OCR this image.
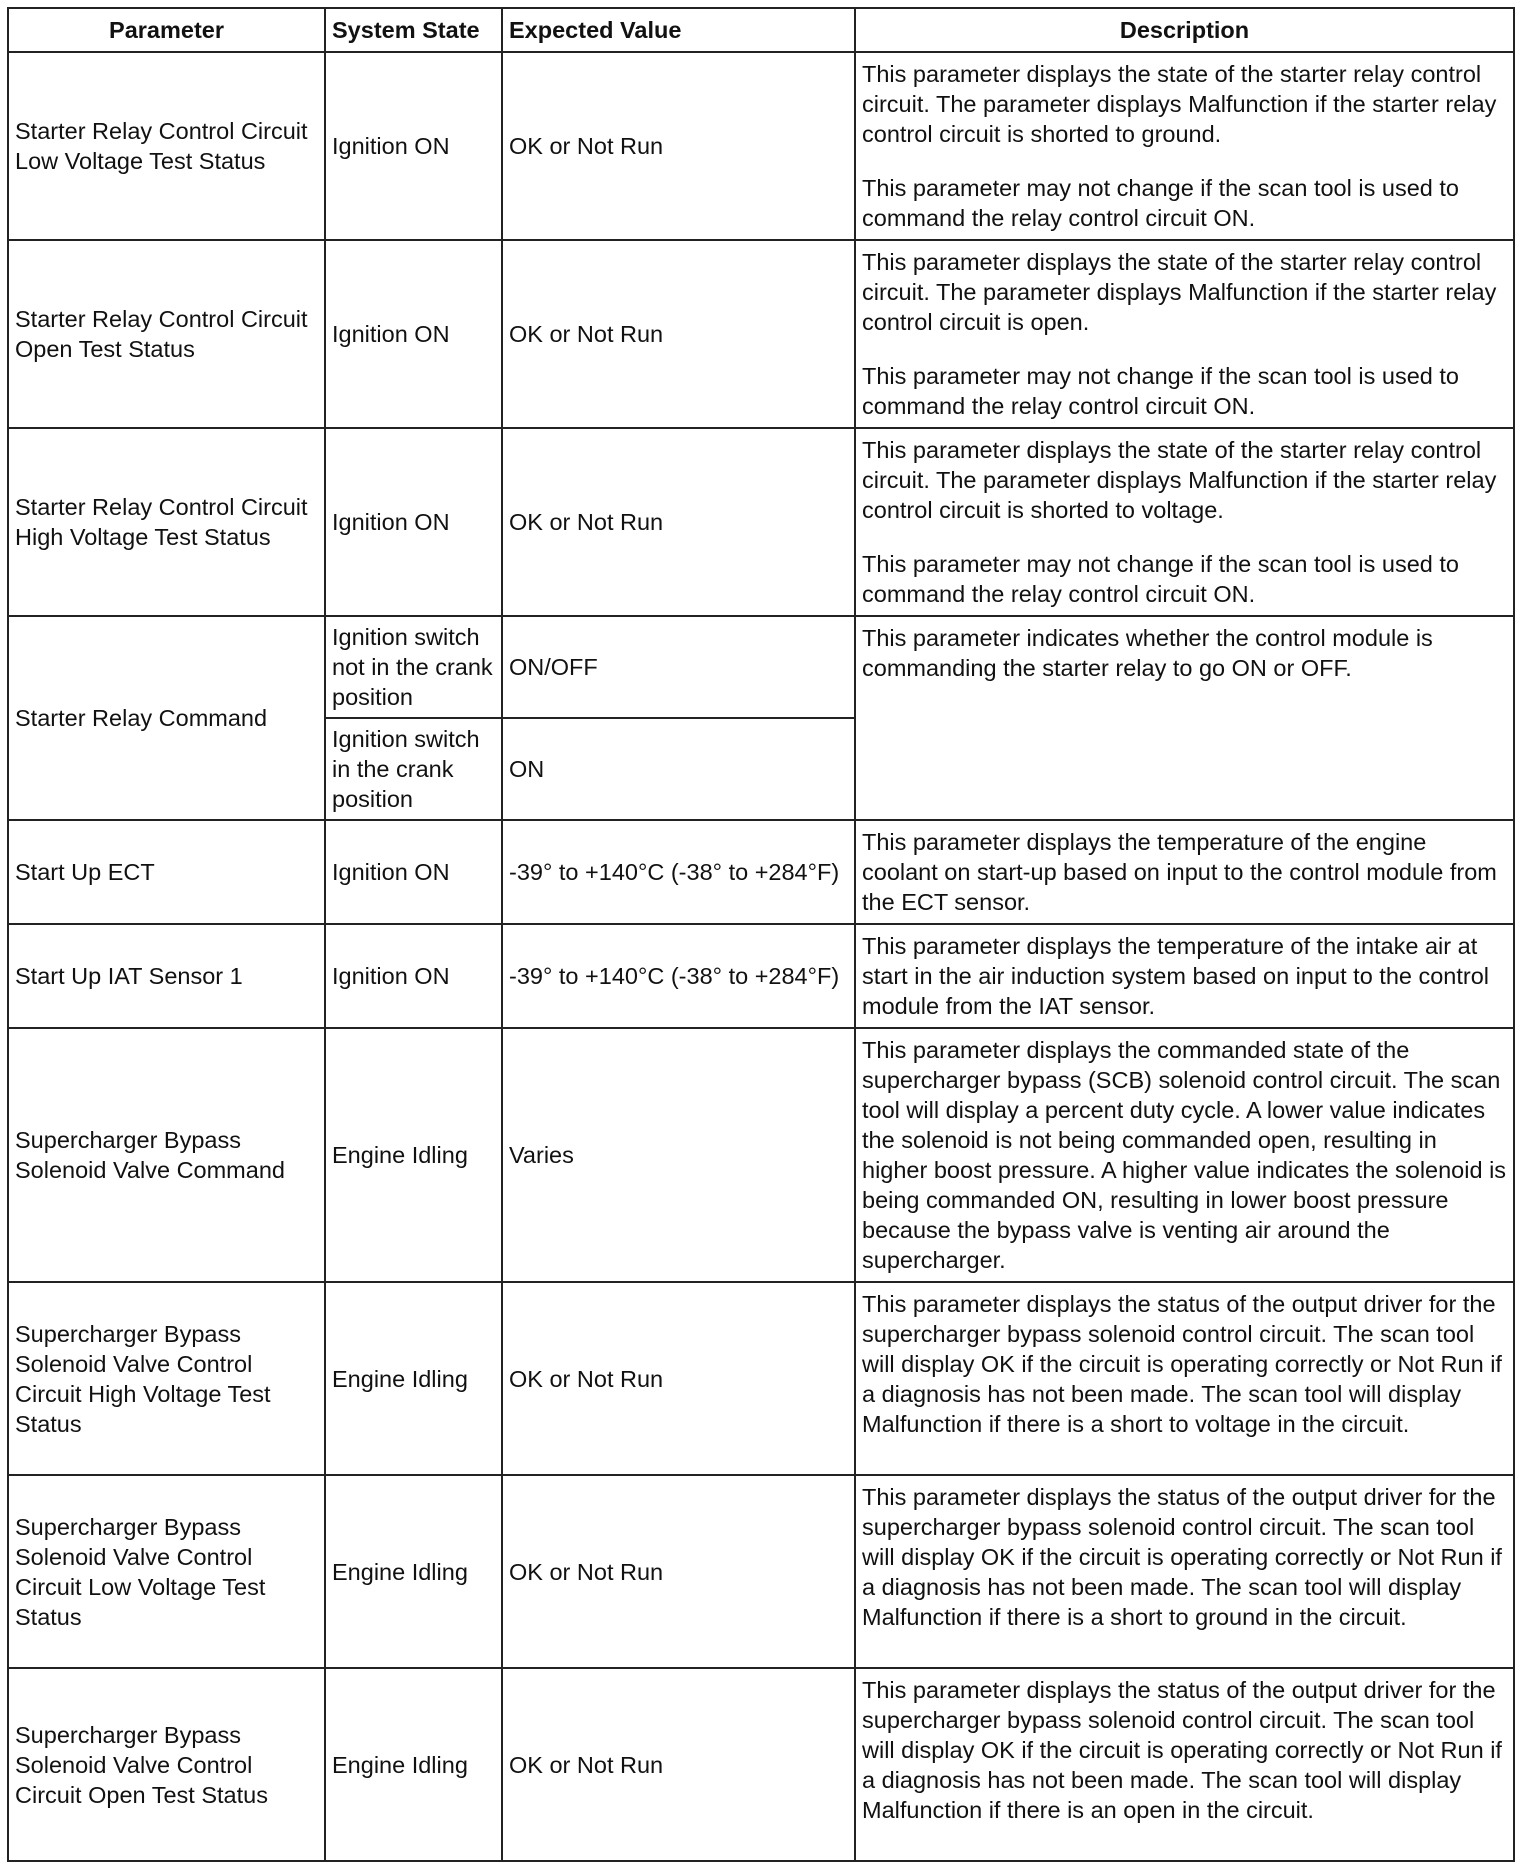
Parameter	System State	Expected Value	Description
Starter Relay Control Circuit Low Voltage Test Status	Ignition ON	OK or Not Run	This parameter displays the state of the starter relay control circuit. The parameter displays Malfunction if the starter relay control circuit is shorted to ground.

This parameter may not change if the scan tool is used to command the relay control circuit ON.

Starter Relay Control Circuit Open Test Status	Ignition ON	OK or Not Run	This parameter displays the state of the starter relay control circuit. The parameter displays Malfunction if the starter relay control circuit is open.

This parameter may not change if the scan tool is used to command the relay control circuit ON.

Starter Relay Control Circuit High Voltage Test Status	Ignition ON	OK or Not Run	This parameter displays the state of the starter relay control circuit. The parameter displays Malfunction if the starter relay control circuit is shorted to voltage.

This parameter may not change if the scan tool is used to command the relay control circuit ON.

Starter Relay Command	Ignition switch not in the crank position	ON/OFF	This parameter indicates whether the control module is commanding the starter relay to go ON or OFF.

	Ignition switch in the crank position	ON	
Start Up ECT	Ignition ON	-39° to +140°C (-38° to +284°F)	This parameter displays the temperature of the engine coolant on start-up based on input to the control module from the ECT sensor.

Start Up IAT Sensor 1	Ignition ON	-39° to +140°C (-38° to +284°F)	This parameter displays the temperature of the intake air at start in the air induction system based on input to the control module from the IAT sensor.

Supercharger Bypass Solenoid Valve Command	Engine Idling	Varies	This parameter displays the commanded state of the supercharger bypass (SCB) solenoid control circuit. The scan tool will display a percent duty cycle. A lower value indicates the solenoid is not being commanded open, resulting in higher boost pressure. A higher value indicates the solenoid is being commanded ON, resulting in lower boost pressure because the bypass valve is venting air around the supercharger.

Supercharger Bypass Solenoid Valve Control Circuit High Voltage Test Status	Engine Idling	OK or Not Run	This parameter displays the status of the output driver for the supercharger bypass solenoid control circuit. The scan tool will display OK if the circuit is operating correctly or Not Run if a diagnosis has not been made. The scan tool will display Malfunction if there is a short to voltage in the circuit.

Supercharger Bypass Solenoid Valve Control Circuit Low Voltage Test Status	Engine Idling	OK or Not Run	This parameter displays the status of the output driver for the supercharger bypass solenoid control circuit. The scan tool will display OK if the circuit is operating correctly or Not Run if a diagnosis has not been made. The scan tool will display Malfunction if there is a short to ground in the circuit.

Supercharger Bypass Solenoid Valve Control Circuit Open Test Status	Engine Idling	OK or Not Run	This parameter displays the status of the output driver for the supercharger bypass solenoid control circuit. The scan tool will display OK if the circuit is operating correctly or Not Run if a diagnosis has not been made. The scan tool will display Malfunction if there is an open in the circuit.
